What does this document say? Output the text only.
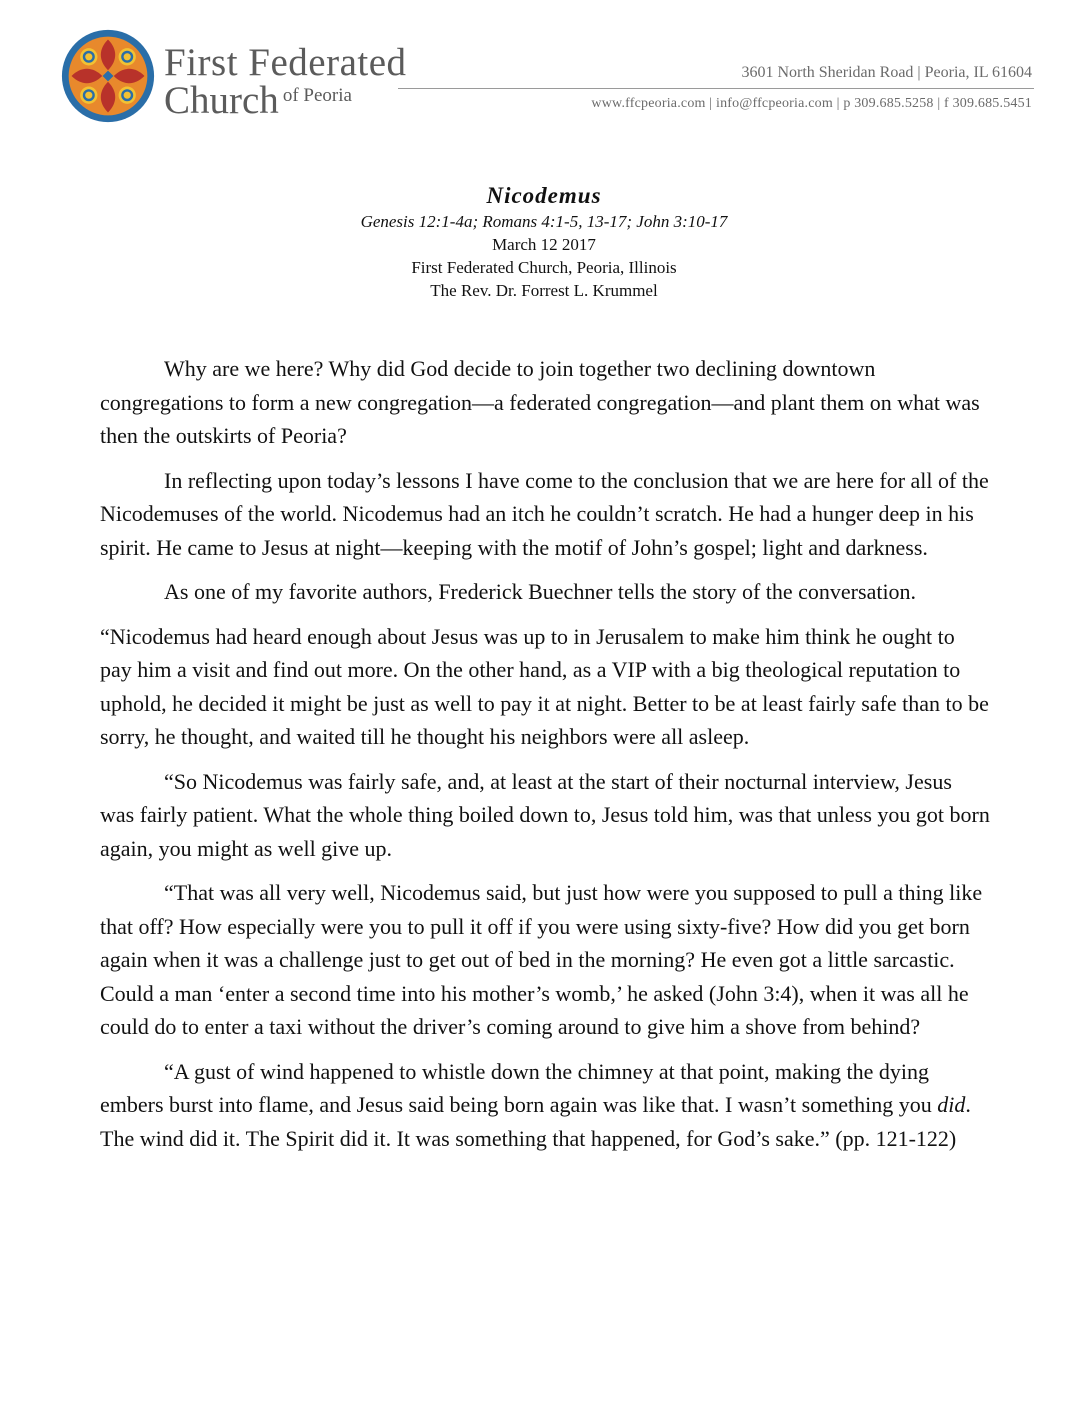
First Federated
Church $^{of Peoria}$
3601 North Sheridan Road | Peoria, IL 61604
www.ffcpeoria.com | info@ffcpeoria.com | p 309.685.5258 | f 309.685.5451
Nicodemus
Genesis 12:1-4a; Romans 4:1-5, 13-17; John 3:10-17
March 12 2017
First Federated Church, Peoria, Illinois
The Rev. Dr. Forrest L. Krummel

Why are we here? Why did God decide to join together two declining downtown congregations to form a new congregation—a federated congregation—and plant them on what was then the outskirts of Peoria?

In reflecting upon today’s lessons I have come to the conclusion that we are here for all of the Nicodemuses of the world. Nicodemus had an itch he couldn’t scratch. He had a hunger deep in his spirit. He came to Jesus at night—keeping with the motif of John’s gospel; light and darkness.

As one of my favorite authors, Frederick Buechner tells the story of the conversation.

“Nicodemus had heard enough about Jesus was up to in Jerusalem to make him think he ought to pay him a visit and find out more. On the other hand, as a VIP with a big theological reputation to uphold, he decided it might be just as well to pay it at night. Better to be at least fairly safe than to be sorry, he thought, and waited till he thought his neighbors were all asleep.

“So Nicodemus was fairly safe, and, at least at the start of their nocturnal interview, Jesus was fairly patient. What the whole thing boiled down to, Jesus told him, was that unless you got born again, you might as well give up.

“That was all very well, Nicodemus said, but just how were you supposed to pull a thing like that off? How especially were you to pull it off if you were using sixty-five? How did you get born again when it was a challenge just to get out of bed in the morning? He even got a little sarcastic. Could a man ‘enter a second time into his mother’s womb,’ he asked (John 3:4), when it was all he could do to enter a taxi without the driver’s coming around to give him a shove from behind?

“A gust of wind happened to whistle down the chimney at that point, making the dying embers burst into flame, and Jesus said being born again was like that. I wasn’t something you did. The wind did it. The Spirit did it. It was something that happened, for God’s sake.” (pp. 121-122)
